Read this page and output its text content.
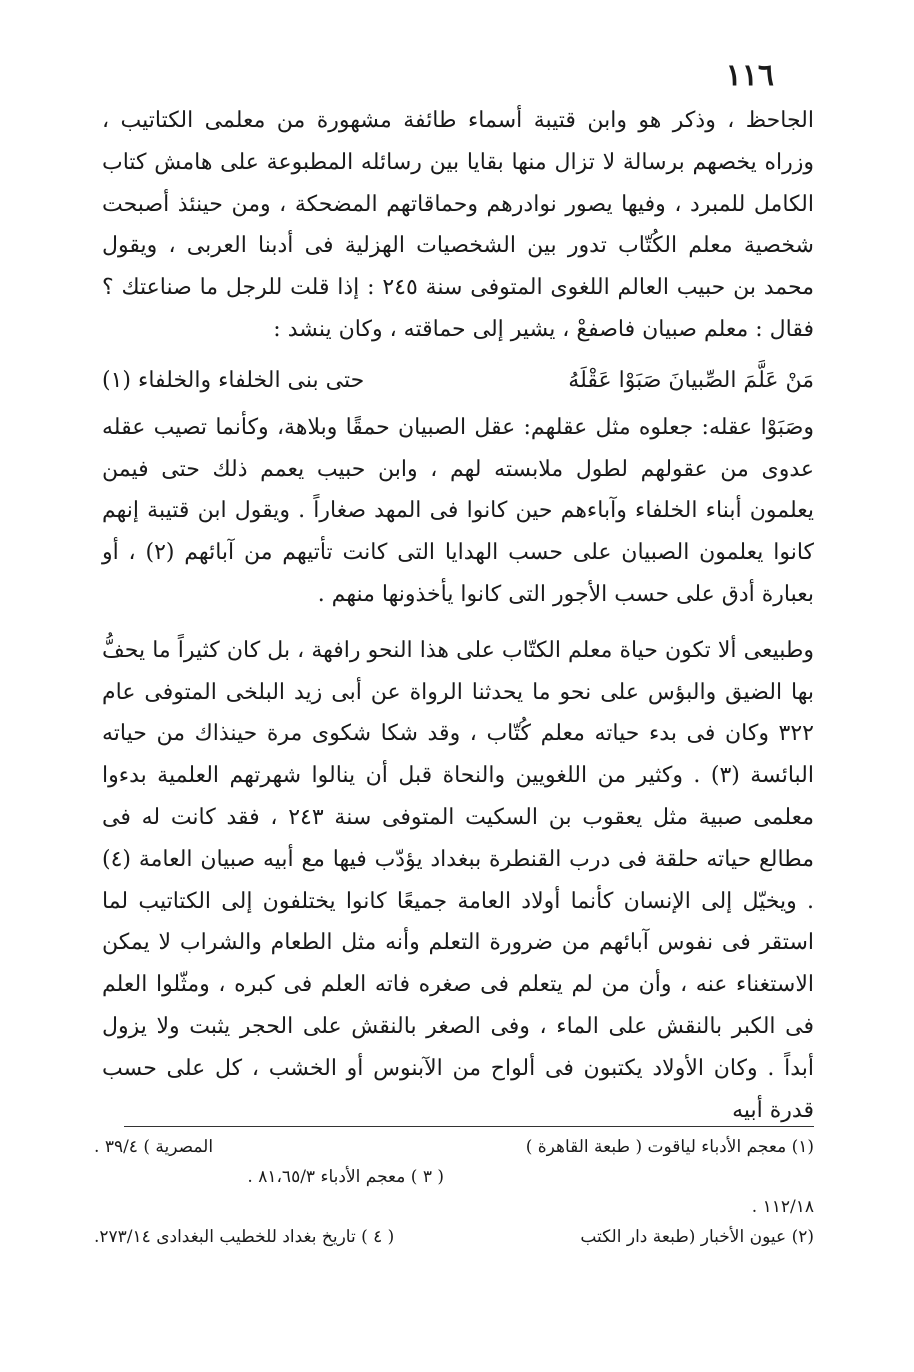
١١٦

الجاحظ ، وذكر هو وابن قتيبة أسماء طائفة مشهورة من معلمى الكتاتيب ، وزراه يخصهم برسالة لا تزال منها بقايا بين رسائله المطبوعة على هامش كتاب الكامل للمبرد ، وفيها يصور نوادرهم وحماقاتهم المضحكة ، ومن حينئذ أصبحت شخصية معلم الكُتّاب تدور بين الشخصيات الهزلية فى أدبنا العربى ، ويقول محمد بن حبيب العالم اللغوى المتوفى سنة ٢٤٥ : إذا قلت للرجل ما صناعتك ؟ فقال : معلم صبيان فاصفعْ ، يشير إلى حماقته ، وكان ينشد :

مَنْ عَلَّمَ الصِّبيانَ صَبَوْا عَقْلَهُ
حتى بنى الخلفاء والخلفاء (١)

وصَبَوْا عقله: جعلوه مثل عقلهم: عقل الصبيان حمقًا وبلاهة، وكأنما تصيب عقله عدوى من عقولهم لطول ملابسته لهم ، وابن حبيب يعمم ذلك حتى فيمن يعلمون أبناء الخلفاء وآباءهم حين كانوا فى المهد صغاراً . ويقول ابن قتيبة إنهم كانوا يعلمون الصبيان على حسب الهدايا التى كانت تأتيهم من آبائهم (٢) ، أو بعبارة أدق على حسب الأجور التى كانوا يأخذونها منهم .

وطبيعى ألا تكون حياة معلم الكتّاب على هذا النحو رافهة ، بل كان كثيراً ما يحفُّ بها الضيق والبؤس على نحو ما يحدثنا الرواة عن أبى زيد البلخى المتوفى عام ٣٢٢ وكان فى بدء حياته معلم كُتّاب ، وقد شكا شكوى مرة حينذاك من حياته البائسة (٣) . وكثير من اللغويين والنحاة قبل أن ينالوا شهرتهم العلمية بدءوا معلمى صبية مثل يعقوب بن السكيت المتوفى سنة ٢٤٣ ، فقد كانت له فى مطالع حياته حلقة فى درب القنطرة ببغداد يؤدّب فيها مع أبيه صبيان العامة (٤) . ويخيّل إلى الإنسان كأنما أولاد العامة جميعًا كانوا يختلفون إلى الكتاتيب لما استقر فى نفوس آبائهم من ضرورة التعلم وأنه مثل الطعام والشراب لا يمكن الاستغناء عنه ، وأن من لم يتعلم فى صغره فاته العلم فى كبره ، ومثّلوا العلم فى الكبر بالنقش على الماء ، وفى الصغر بالنقش على الحجر يثبت ولا يزول أبداً . وكان الأولاد يكتبون فى ألواح من الآبنوس أو الخشب ، كل على حسب قدرة أبيه

(١) معجم الأدباء لياقوت ( طبعة القاهرة )
المصرية ) ٣٩/٤ .
( ٣ ) معجم الأدباء ٨١،٦٥/٣ .
١١٢/١٨ .
(٢) عيون الأخبار (طبعة دار الكتب
( ٤ ) تاريخ بغداد للخطيب البغدادى ٢٧٣/١٤.
